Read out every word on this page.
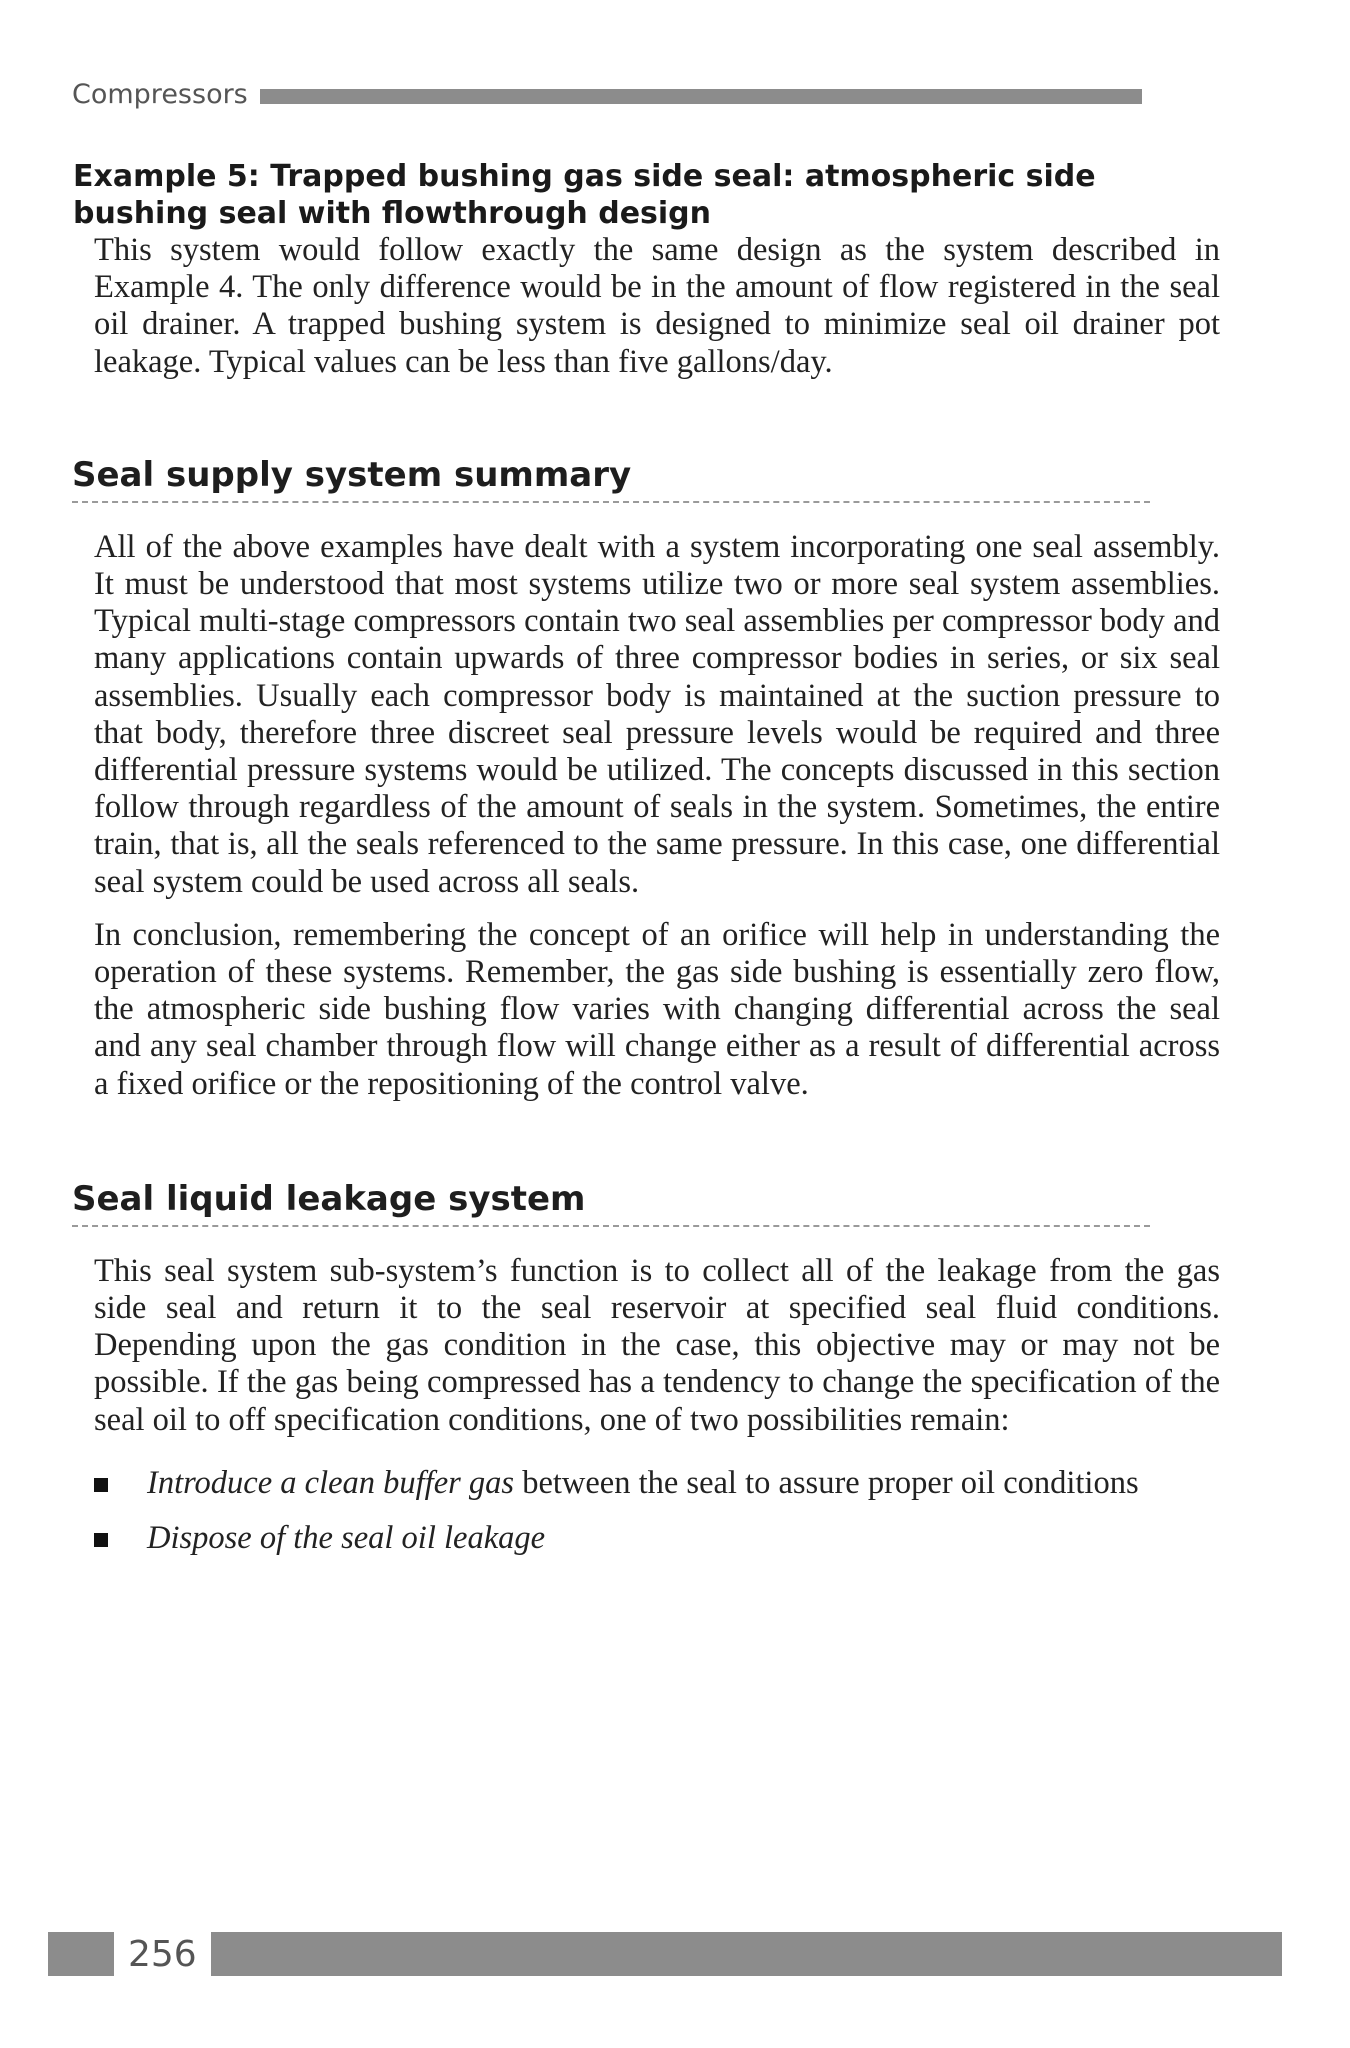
Compressors
Example 5: Trapped bushing gas side seal: atmospheric side bushing seal with flowthrough design

This system would follow exactly the same design as the system described in Example 4. The only difference would be in the amount of flow registered in the seal oil drainer. A trapped bushing system is designed to minimize seal oil drainer pot leakage. Typical values can be less than five gallons/day.

Seal supply system summary

All of the above examples have dealt with a system incorporating one seal assembly. It must be understood that most systems utilize two or more seal system assemblies. Typical multi-stage compressors contain two seal assemblies per compressor body and many applications contain upwards of three compressor bodies in series, or six seal assemblies. Usually each compressor body is maintained at the suction pressure to that body, therefore three discreet seal pressure levels would be required and three differential pressure systems would be utilized. The concepts discussed in this section follow through regardless of the amount of seals in the system. Sometimes, the entire train, that is, all the seals referenced to the same pressure. In this case, one differential seal system could be used across all seals.

In conclusion, remembering the concept of an orifice will help in understanding the operation of these systems. Remember, the gas side bushing is essentially zero flow, the atmospheric side bushing flow varies with changing differential across the seal and any seal chamber through flow will change either as a result of differential across a fixed orifice or the repositioning of the control valve.

Seal liquid leakage system

This seal system sub-system’s function is to collect all of the leakage from the gas side seal and return it to the seal reservoir at specified seal fluid conditions. Depending upon the gas condition in the case, this objective may or may not be possible. If the gas being compressed has a tendency to change the specification of the seal oil to off specification conditions, one of two possibilities remain:

Introduce a clean buffer gas between the seal to assure proper oil conditions
Dispose of the seal oil leakage
256
